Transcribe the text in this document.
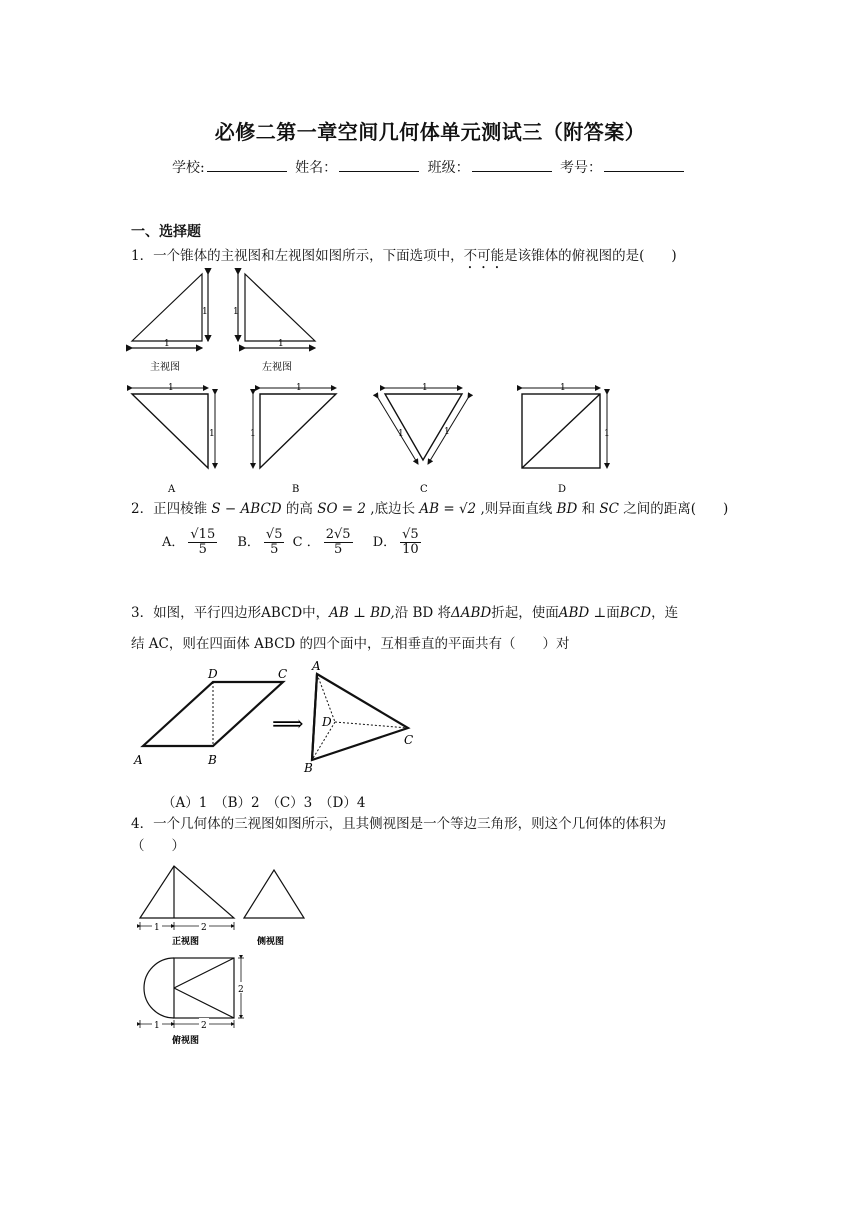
必修二第一章空间几何体单元测试三（附答案）
学校:	姓名：	班级：	考号：
一、选择题
1．一个锥体的主视图和左视图如图所示，下面选项中，不可能是该锥体的俯视图的是(　　)
1
1
主视图
1
1
左视图
1
1
A
1
1
B
1
1	1
C
1
1
D
2．正四棱锥 S − ABCD 的高 SO = 2 ,底边长 AB = √2 ,则异面直线 BD 和 SC 之间的距离(　　)
A． $\frac{√15}{5}$ B． $\frac{√5}{5}$ C ． $\frac{2√5}{5}$ D． $\frac{√5}{10}$
3．如图，平行四边形ABCD中，AB ⊥ BD,沿 BD 将ΔABD折起，使面ABD ⊥面BCD，连
结 AC，则在四面体 ABCD 的四个面中，互相垂直的平面共有（　　）对
A	B
D	C
⟹
A
D
C
B
（A）1　（B）2　（C）3　（D）4
4．一个几何体的三视图如图所示，且其侧视图是一个等边三角形，则这个几何体的体积为
（　　）
1	2
正视图	侧视图
2
1	2
俯视图
